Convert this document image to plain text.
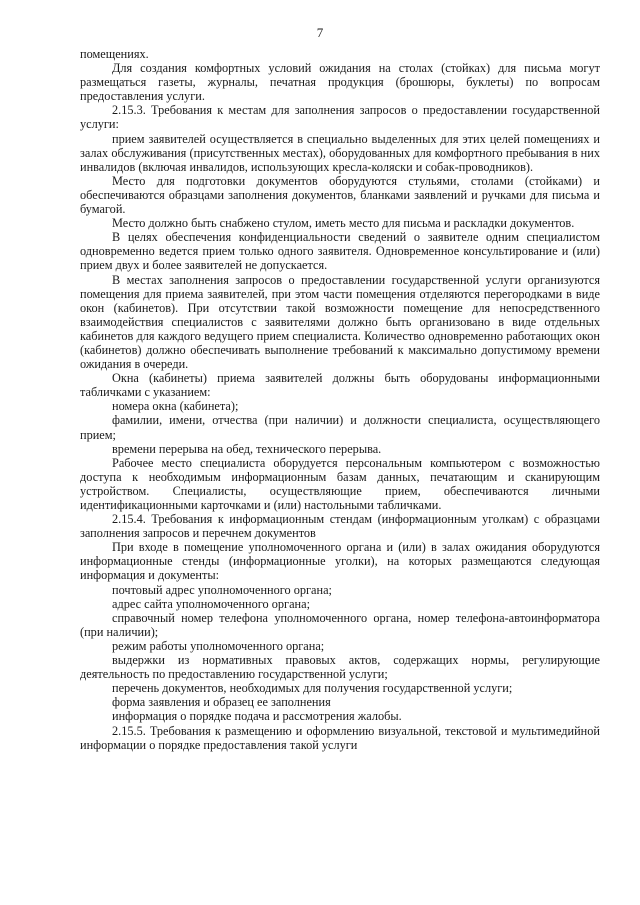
7

помещениях.

Для создания комфортных условий ожидания на столах (стойках) для письма могут размещаться газеты, журналы, печатная продукция (брошюры, буклеты) по вопросам предоставления услуги.

2.15.3. Требования к местам для заполнения запросов о предоставлении государственной услуги:

прием заявителей осуществляется в специально выделенных для этих целей помещениях и залах обслуживания (присутственных местах), оборудованных для комфортного пребывания в них инвалидов (включая инвалидов, использующих кресла-коляски и собак-проводников).

Место для подготовки документов оборудуются стульями, столами (стойками) и обеспечиваются образцами заполнения документов, бланками заявлений и ручками для письма и бумагой.

Место должно быть снабжено стулом, иметь место для письма и раскладки документов.

В целях обеспечения конфиденциальности сведений о заявителе одним специалистом одновременно ведется прием только одного заявителя. Одновременное консультирование и (или) прием двух и более заявителей не допускается.

В местах заполнения запросов о предоставлении государственной услуги организуются помещения для приема заявителей, при этом части помещения отделяются перегородками в виде окон (кабинетов). При отсутствии такой возможности помещение для непосредственного взаимодействия специалистов с заявителями должно быть организовано в виде отдельных кабинетов для каждого ведущего прием специалиста. Количество одновременно работающих окон (кабинетов) должно обеспечивать выполнение требований к максимально допустимому времени ожидания в очереди.

Окна (кабинеты) приема заявителей должны быть оборудованы информационными табличками с указанием:

номера окна (кабинета);

фамилии, имени, отчества (при наличии) и должности специалиста, осуществляющего прием;

времени перерыва на обед, технического перерыва.

Рабочее место специалиста оборудуется персональным компьютером с возможностью доступа к необходимым информационным базам данных, печатающим и сканирующим устройством. Специалисты, осуществляющие прием, обеспечиваются личными идентификационными карточками и (или) настольными табличками.

2.15.4. Требования к информационным стендам (информационным уголкам) с образцами заполнения запросов и перечнем документов

При входе в помещение уполномоченного органа и (или) в залах ожидания оборудуются информационные стенды (информационные уголки), на которых размещаются следующая информация и документы:

почтовый адрес уполномоченного органа;

адрес сайта уполномоченного органа;

справочный номер телефона уполномоченного органа, номер телефона-автоинформатора (при наличии);

режим работы уполномоченного органа;

выдержки из нормативных правовых актов, содержащих нормы, регулирующие деятельность по предоставлению государственной услуги;

перечень документов, необходимых для получения государственной услуги;

форма заявления и образец ее заполнения

информация о порядке подача и рассмотрения жалобы.

2.15.5. Требования к размещению и оформлению визуальной, текстовой и мультимедийной информации о порядке предоставления такой услуги
